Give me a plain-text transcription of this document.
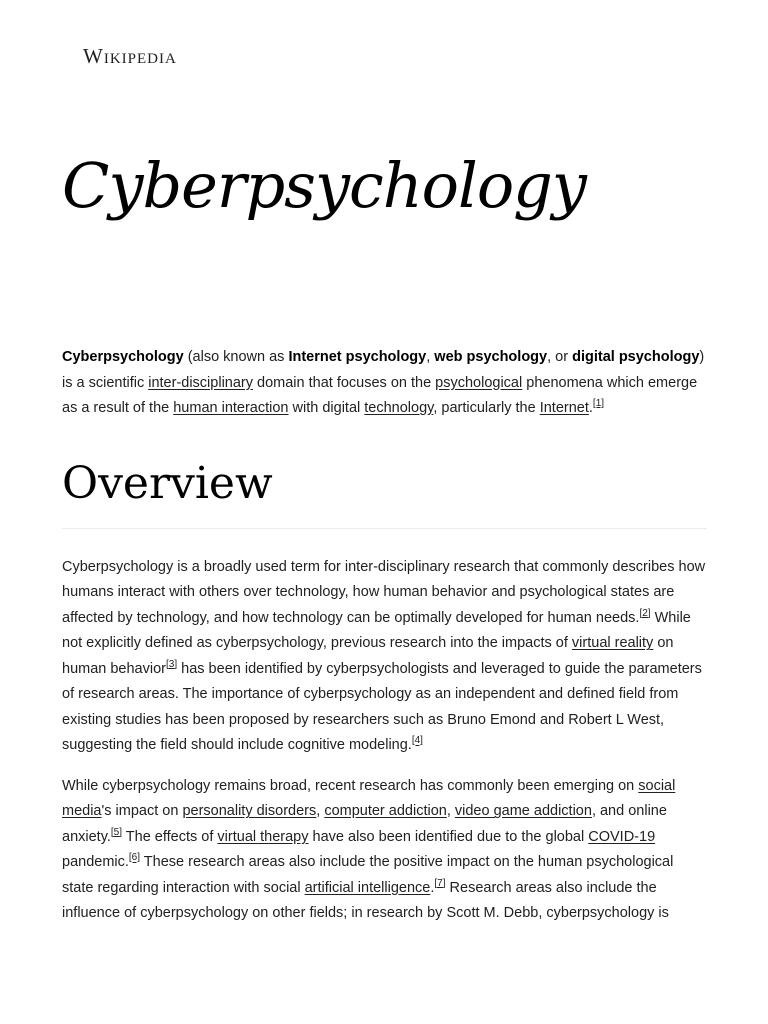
Wikipedia
Cyberpsychology

Cyberpsychology (also known as Internet psychology, web psychology, or digital psychology) is a scientific inter-disciplinary domain that focuses on the psychological phenomena which emerge as a result of the human interaction with digital technology, particularly the Internet.[1]

Overview

Cyberpsychology is a broadly used term for inter-disciplinary research that commonly describes how humans interact with others over technology, how human behavior and psychological states are affected by technology, and how technology can be optimally developed for human needs.[2] While not explicitly defined as cyberpsychology, previous research into the impacts of virtual reality on human behavior[3] has been identified by cyberpsychologists and leveraged to guide the parameters of research areas. The importance of cyberpsychology as an independent and defined field from existing studies has been proposed by researchers such as Bruno Emond and Robert L West, suggesting the field should include cognitive modeling.[4]

While cyberpsychology remains broad, recent research has commonly been emerging on social media's impact on personality disorders, computer addiction, video game addiction, and online anxiety.[5] The effects of virtual therapy have also been identified due to the global COVID-19 pandemic.[6] These research areas also include the positive impact on the human psychological state regarding interaction with social artificial intelligence.[7] Research areas also include the influence of cyberpsychology on other fields; in research by Scott M. Debb, cyberpsychology is
